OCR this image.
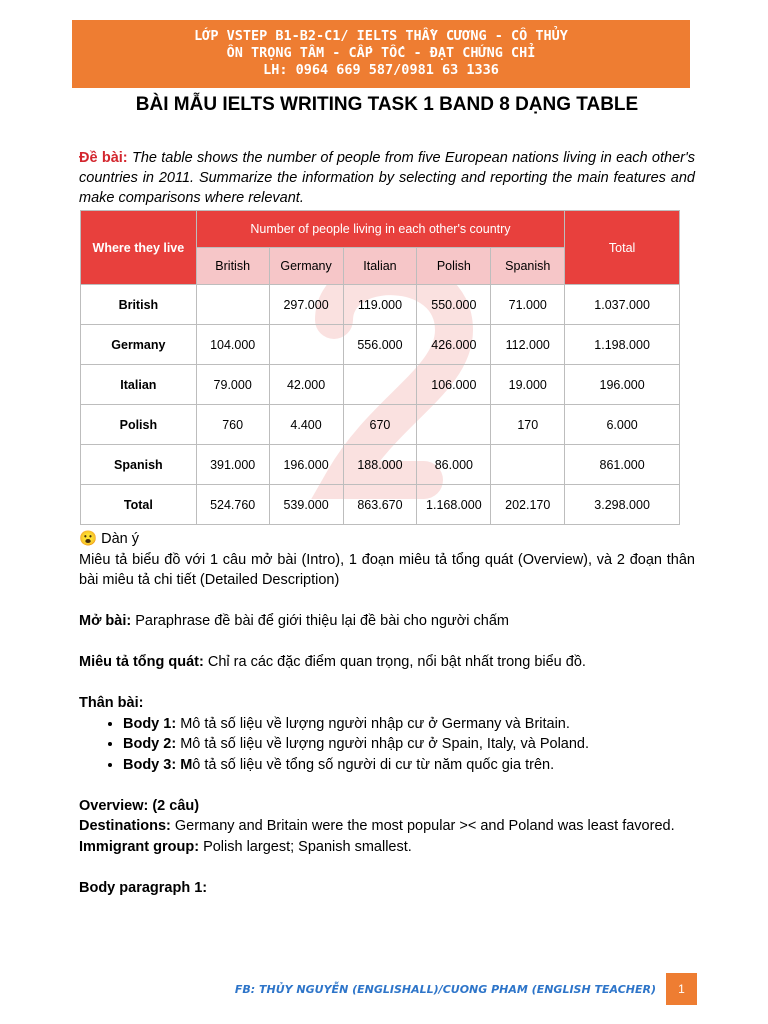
LỚP VSTEP B1-B2-C1/ IELTS THẦY CƯƠNG - CÔ THỦY
ÔN TRỌNG TÂM - CẤP TỐC - ĐẠT CHỨNG CHỈ
LH: 0964 669 587/0981 63 1336
BÀI MẪU IELTS WRITING TASK 1 BAND 8 DẠNG TABLE
Đề bài: The table shows the number of people from five European nations living in each other's countries in 2011. Summarize the information by selecting and reporting the main features and make comparisons where relevant.
Where they live	Number of people living in each other's country					Total
	British	Germany	Italian	Polish	Spanish	
British		297.000	119.000	550.000	71.000	1.037.000
Germany	104.000		556.000	426.000	112.000	1.198.000
Italian	79.000	42.000		106.000	19.000	196.000
Polish	760	4.400	670		170	6.000
Spanish	391.000	196.000	188.000	86.000		861.000
Total	524.760	539.000	863.670	1.168.000	202.170	3.298.000

😮 Dàn ý

Miêu tả biểu đồ với 1 câu mở bài (Intro), 1 đoạn miêu tả tổng quát (Overview), và 2 đoạn thân bài miêu tả chi tiết (Detailed Description)

Mở bài: Paraphrase đề bài để giới thiệu lại đề bài cho người chấm

Miêu tả tổng quát: Chỉ ra các đặc điểm quan trọng, nổi bật nhất trong biểu đồ.

Thân bài:

• Body 1: Mô tả số liệu về lượng người nhập cư ở Germany và Britain.
• Body 2: Mô tả số liệu về lượng người nhập cư ở Spain, Italy, và Poland.
• Body 3: Mô tả số liệu về tổng số người di cư từ năm quốc gia trên.

Overview: (2 câu)

Destinations: Germany and Britain were the most popular >< and Poland was least favored.

Immigrant group: Polish largest; Spanish smallest.

Body paragraph 1:

FB: THỦY NGUYỄN (ENGLISHALL)/CUONG PHAM (ENGLISH TEACHER)	1
